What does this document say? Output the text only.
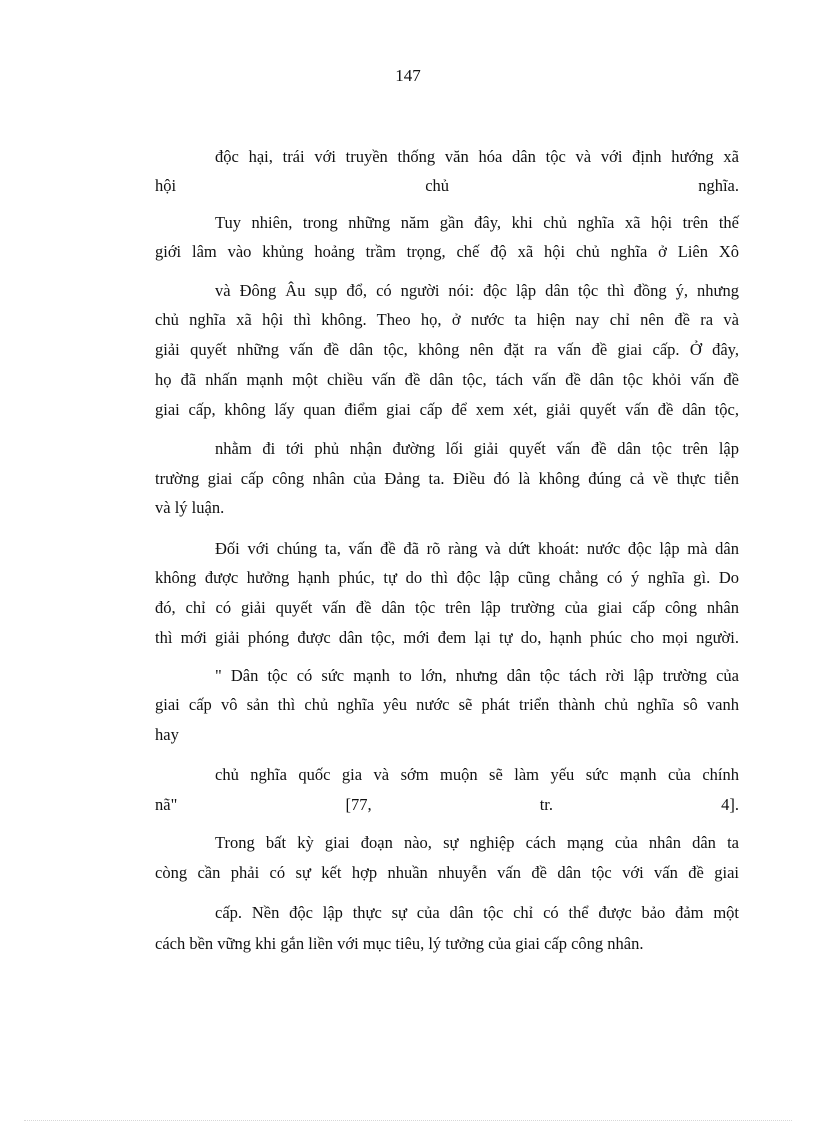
147
độc hại, trái với truyền thống văn hóa dân tộc và với định hướng xã
hội chủ nghĩa.
Tuy nhiên, trong những năm gần đây, khi chủ nghĩa xã hội trên thế
giới lâm vào khủng hoảng trầm trọng, chế độ xã hội chủ nghĩa ở Liên Xô
và Đông Âu sụp đổ, có người nói: độc lập dân tộc thì đồng ý, nhưng
chủ nghĩa xã hội thì không. Theo họ, ở nước ta hiện nay chỉ nên đề ra và
giải quyết những vấn đề dân tộc, không nên đặt ra vấn đề giai cấp. Ở đây,
họ đã nhấn mạnh một chiều vấn đề dân tộc, tách vấn đề dân tộc khỏi vấn đề
giai cấp, không lấy quan điểm giai cấp để xem xét, giải quyết vấn đề dân tộc,
nhằm đi tới phủ nhận đường lối giải quyết vấn đề dân tộc trên lập
trường giai cấp công nhân của Đảng ta. Điều đó là không đúng cả về thực tiễn
và lý luận.
Đối với chúng ta, vấn đề đã rõ ràng và dứt khoát: nước độc lập mà dân
không được hưởng hạnh phúc, tự do thì độc lập cũng chẳng có ý nghĩa gì. Do
đó, chỉ có giải quyết vấn đề dân tộc trên lập trường của giai cấp công nhân
thì mới giải phóng được dân tộc, mới đem lại tự do, hạnh phúc cho mọi người.
" Dân tộc có sức mạnh to lớn, nhưng dân tộc tách rời lập trường của
giai cấp vô sản thì chủ nghĩa yêu nước sẽ phát triển thành chủ nghĩa sô vanh
hay
chủ nghĩa quốc gia và sớm muộn sẽ làm yếu sức mạnh của chính
nã" [77, tr. 4].
Trong bất kỳ giai đoạn nào, sự nghiệp cách mạng của nhân dân ta
còng cần phải có sự kết hợp nhuần nhuyễn vấn đề dân tộc với vấn đề giai
cấp. Nền độc lập thực sự của dân tộc chỉ có thể được bảo đảm một
cách bền vững khi gắn liền với mục tiêu, lý tưởng của giai cấp công nhân.
